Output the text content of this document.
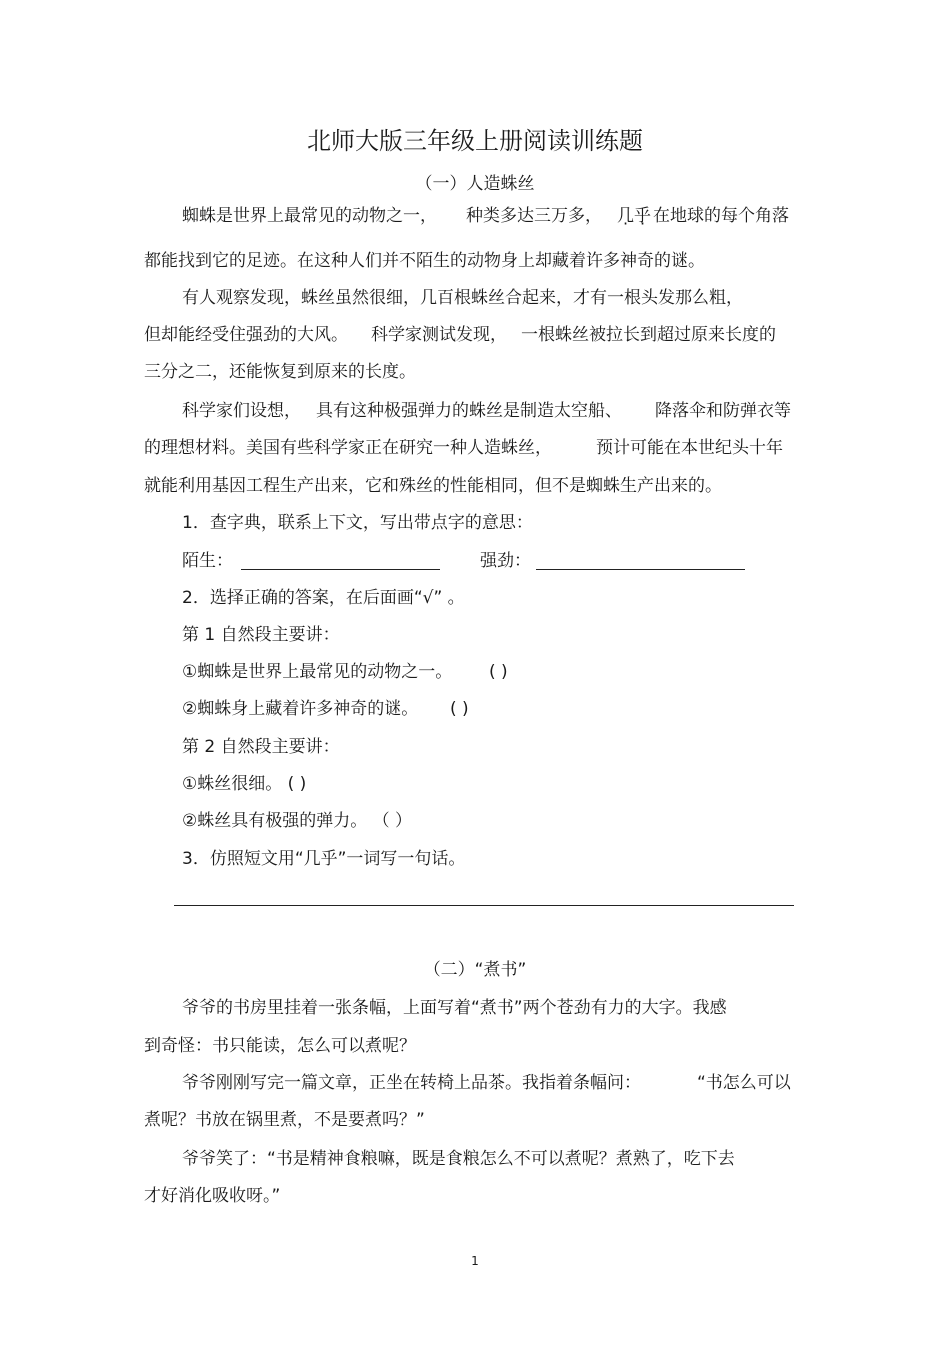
北师大版三年级上册阅读训练题
（一）人造蛛丝
蜘蛛是世界上最常见的动物之一， 种类多达三万多， 几乎 在地球的每个角落
都能找到它的足迹。在这种人们并不陌生的动物身上却藏着许多神奇的谜。
有人观察发现，蛛丝虽然很细，几百根蛛丝合起来，才有一根头发那么粗，
但却能经受住强劲的大风。 科学家测试发现， 一根蛛丝被拉长到超过原来长度的
三分之二，还能恢复到原来的长度。
科学家们设想， 具有这种极强弹力的蛛丝是制造太空船、 降落伞和防弹衣等
的理想材料。美国有些科学家正在研究一种人造蛛丝，	预计可能在本世纪头十年
就能利用基因工程生产出来，它和殊丝的性能相同，但不是蜘蛛生产出来的。
1．查字典，联系上下文，写出带点字的意思：
陌生：	强劲：
2．选择正确的答案，在后面画“√” 。
第 1 自然段主要讲：
①蜘蛛是世界上最常见的动物之一。 ( )
②蜘蛛身上藏着许多神奇的谜。 ( )
第 2 自然段主要讲：
①蛛丝很细。 ( )
②蛛丝具有极强的弹力。 （ ）
3．仿照短文用“几乎”一词写一句话。
（二）“煮书”
爷爷的书房里挂着一张条幅，上面写着“煮书”两个苍劲有力的大字。我感
到奇怪：书只能读，怎么可以煮呢？
爷爷刚刚写完一篇文章，正坐在转椅上品茶。我指着条幅问：	“书怎么可以
煮呢？书放在锅里煮，不是要煮吗？”
爷爷笑了：“书是精神食粮嘛，既是食粮怎么不可以煮呢？煮熟了，吃下去
才好消化吸收呀。”
1
